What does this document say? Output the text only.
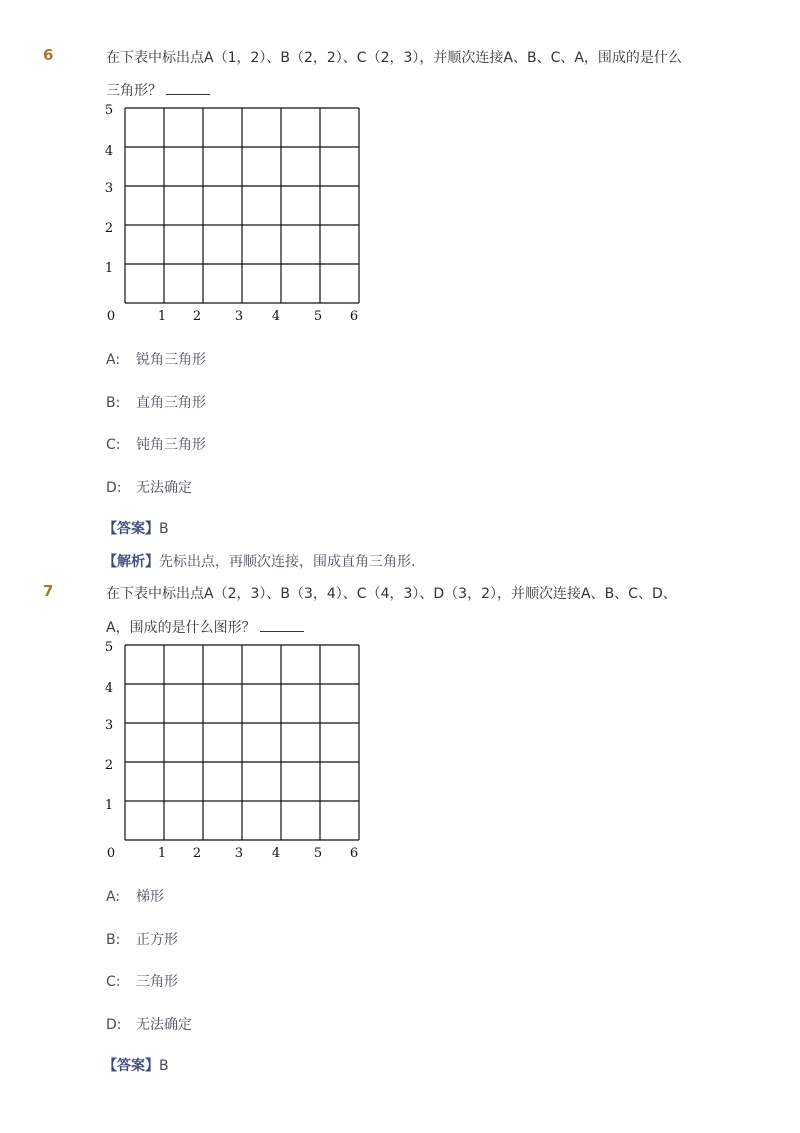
6	在下表中标出点A（1，2）、B（2，2）、C（2，3），并顺次连接A、B、C、A，围成的是什么
三角形？
0	1 2	3 4	5 6
1
2
3
4
5
A: 锐角三角形
B: 直角三角形
C: 钝角三角形
D: 无法确定
【答案】B
【解析】先标出点，再顺次连接，围成直角三角形.
7	在下表中标出点A（2，3）、B（3，4）、C（4，3）、D（3，2），并顺次连接A、B、C、D、
A，围成的是什么图形？
0	1 2	3 4	5 6
1
2
3
4
5
A: 梯形
B: 正方形
C: 三角形
D: 无法确定
【答案】B
